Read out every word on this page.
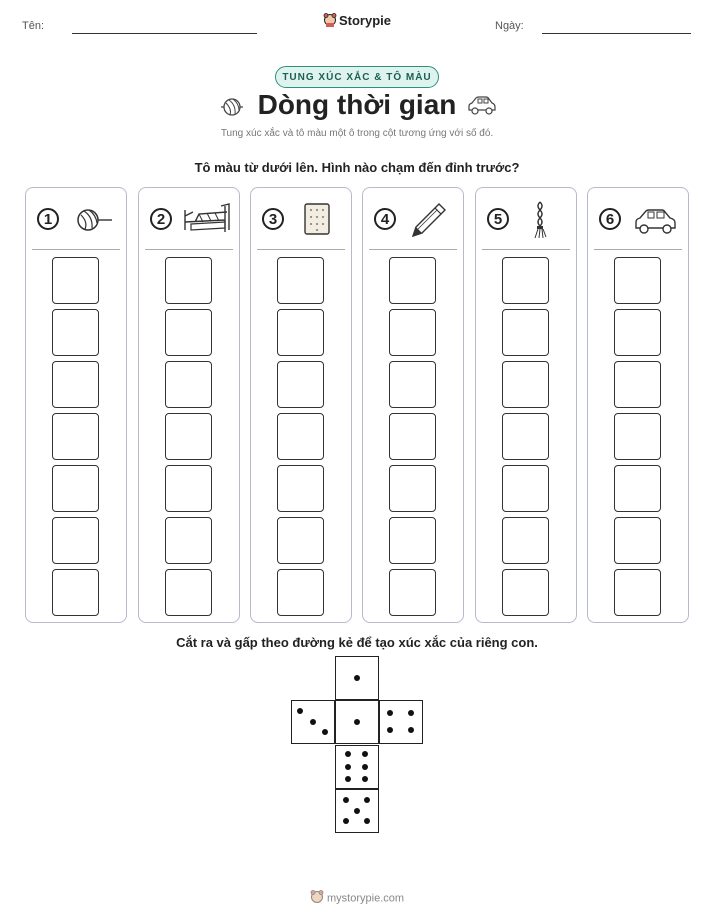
Tên:	Storypie	Ngày:
TUNG XÚC XẮC & TÔ MÀU
Dòng thời gian
Tung xúc xắc và tô màu một ô trong cột tương ứng với số đó.
Tô màu từ dưới lên. Hình nào chạm đến đỉnh trước?
1	2	3	4	5	6
Cắt ra và gấp theo đường kẻ để tạo xúc xắc của riêng con.
mystorypie.com
